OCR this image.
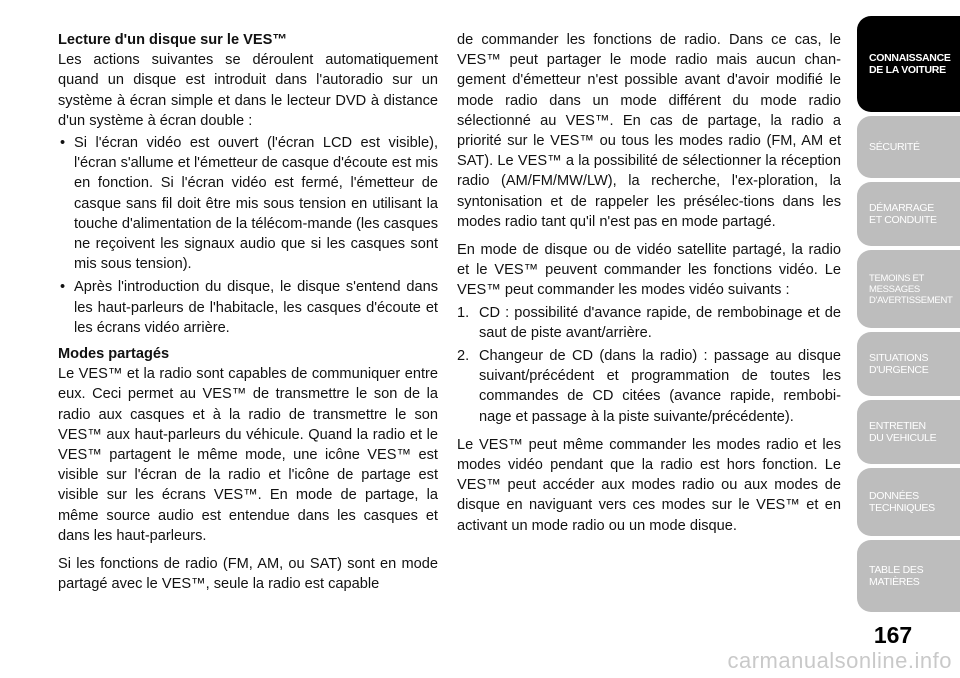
Lecture d'un disque sur le VES™

Les actions suivantes se déroulent automatiquement quand un disque est introduit dans l'autoradio sur un système à écran simple et dans le lecteur DVD à distance d'un système à écran double :

• Si l'écran vidéo est ouvert (l'écran LCD est visible), l'écran s'allume et l'émetteur de casque d'écoute est mis en fonction. Si l'écran vidéo est fermé, l'émetteur de casque sans fil doit être mis sous tension en utilisant la touche d'alimentation de la télécom-mande (les casques ne reçoivent les signaux audio que si les casques sont mis sous tension).
• Après l'introduction du disque, le disque s'entend dans les haut-parleurs de l'habitacle, les casques d'écoute et les écrans vidéo arrière.
Modes partagés

Le VES™ et la radio sont capables de communiquer entre eux. Ceci permet au VES™ de transmettre le son de la radio aux casques et à la radio de transmettre le son VES™ aux haut-parleurs du véhicule. Quand la radio et le VES™ partagent le même mode, une icône VES™ est visible sur l'écran de la radio et l'icône de partage est visible sur les écrans VES™. En mode de partage, la même source audio est entendue dans les casques et dans les haut-parleurs.

Si les fonctions de radio (FM, AM, ou SAT) sont en mode partagé avec le VES™, seule la radio est capable

de commander les fonctions de radio. Dans ce cas, le VES™ peut partager le mode radio mais aucun chan-gement d'émetteur n'est possible avant d'avoir modifié le mode radio dans un mode différent du mode radio sélectionné au VES™. En cas de partage, la radio a priorité sur le VES™ ou tous les modes radio (FM, AM et SAT). Le VES™ a la possibilité de sélectionner la réception radio (AM/FM/MW/LW), la recherche, l'ex-ploration, la syntonisation et de rappeler les présélec-tions dans les modes radio tant qu'il n'est pas en mode partagé.

En mode de disque ou de vidéo satellite partagé, la radio et le VES™ peuvent commander les fonctions vidéo. Le VES™ peut commander les modes vidéo suivants :

1. CD : possibilité d'avance rapide, de rembobinage et de saut de piste avant/arrière.
2. Changeur de CD (dans la radio) : passage au disque suivant/précédent et programmation de toutes les commandes de CD citées (avance rapide, rembobi-nage et passage à la piste suivante/précédente).

Le VES™ peut même commander les modes radio et les modes vidéo pendant que la radio est hors fonction. Le VES™ peut accéder aux modes radio ou aux modes de disque en naviguant vers ces modes sur le VES™ et en activant un mode radio ou un mode disque.

CONNAISSANCE
DE LA VOITURE
SÉCURITÉ
DÉMARRAGE
ET CONDUITE
TEMOINS ET
MESSAGES
D'AVERTISSEMENT
SITUATIONS
D'URGENCE
ENTRETIEN
DU VEHICULE
DONNÉES
TECHNIQUES
TABLE DES
MATIÈRES
167
carmanualsonline.info
